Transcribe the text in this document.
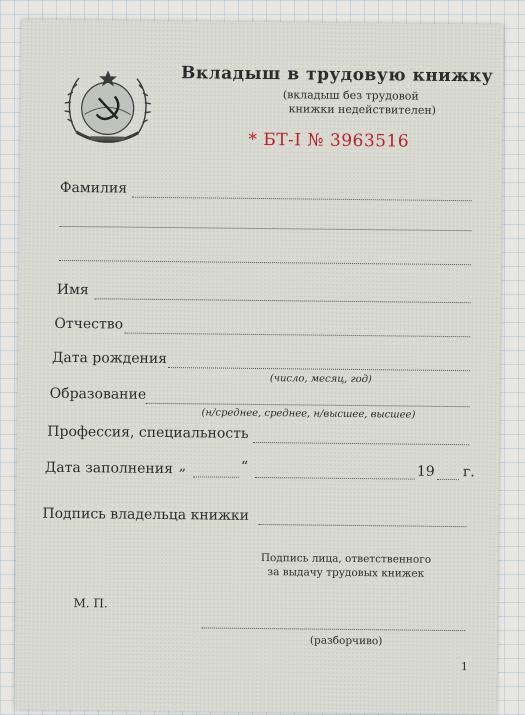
Вкладыш в трудовую книжку
(вкладыш без трудовой
книжки недействителен)
* БТ-I № 3963516
Фамилия
Имя
Отчество
Дата рождения
(число, месяц, год)
Образование
(н/среднее, среднее, н/высшее, высшее)
Профессия, специальность
Дата заполнения „	“	19 г.
Подпись владельца книжки
Подпись лица, ответственного
за выдачу трудовых книжек
М. П.
(разборчиво)
1
